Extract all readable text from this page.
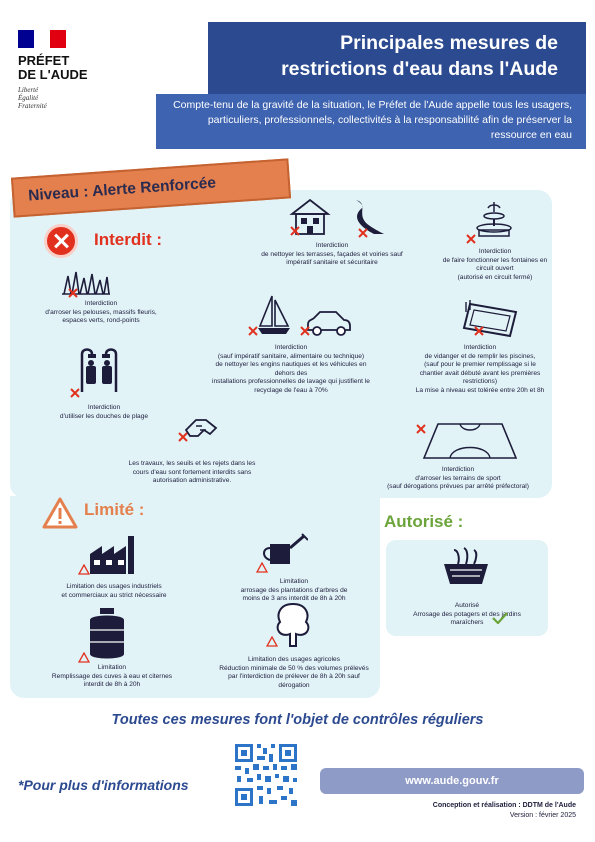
PRÉFET
DE L'AUDE
Liberté
Égalité
Fraternité
Principales mesures de
restrictions d'eau dans l'Aude

Compte-tenu de la gravité de la situation, le Préfet de l'Aude appelle tous les usagers, particuliers, professionnels, collectivités à la responsabilité afin de préserver la ressource en eau

Niveau : Alerte Renforcée
Interdit :
Interdiction
d'arroser les pelouses, massifs fleuris,
espaces verts, rond-points
Interdiction
de nettoyer les terrasses, façades et voiries sauf
impératif sanitaire et sécuritaire
Interdiction
de faire fonctionner les fontaines en
circuit ouvert
(autorisé en circuit fermé)
Interdiction
d'utiliser les douches de plage
Interdiction
(sauf impératif sanitaire, alimentaire ou technique)
de nettoyer les engins nautiques et les véhicules en
dehors des
installations professionnelles de lavage qui justifient le
recyclage de l'eau à 70%
Interdiction
de vidanger et de remplir les piscines,
(sauf pour le premier remplissage si le
chantier avait débuté avant les premières
restrictions)
La mise à niveau est tolérée entre 20h et 8h
Les travaux, les seuils et les rejets dans les
cours d'eau sont fortement interdits sans
autorisation administrative.
Interdiction
d'arroser les terrains de sport
(sauf dérogations prévues par arrêté préfectoral)
Limité :
Autorisé :
Limitation des usages industriels
et commerciaux au strict nécessaire
Limitation
arrosage des plantations d'arbres de
moins de 3 ans interdit de 8h à 20h
Limitation
Remplissage des cuves à eau et citernes
interdit de 8h à 20h
Limitation des usages agricoles
Réduction minimale de 50 % des volumes prélevés
par l'interdiction de prélever de 8h à 20h sauf
dérogation
Autorisé
Arrosage des potagers et des jardins
maraîchers
Toutes ces mesures font l'objet de contrôles réguliers
*Pour plus d'informations	www.aude.gouv.fr
Conception et réalisation : DDTM de l'Aude
Version : février 2025
